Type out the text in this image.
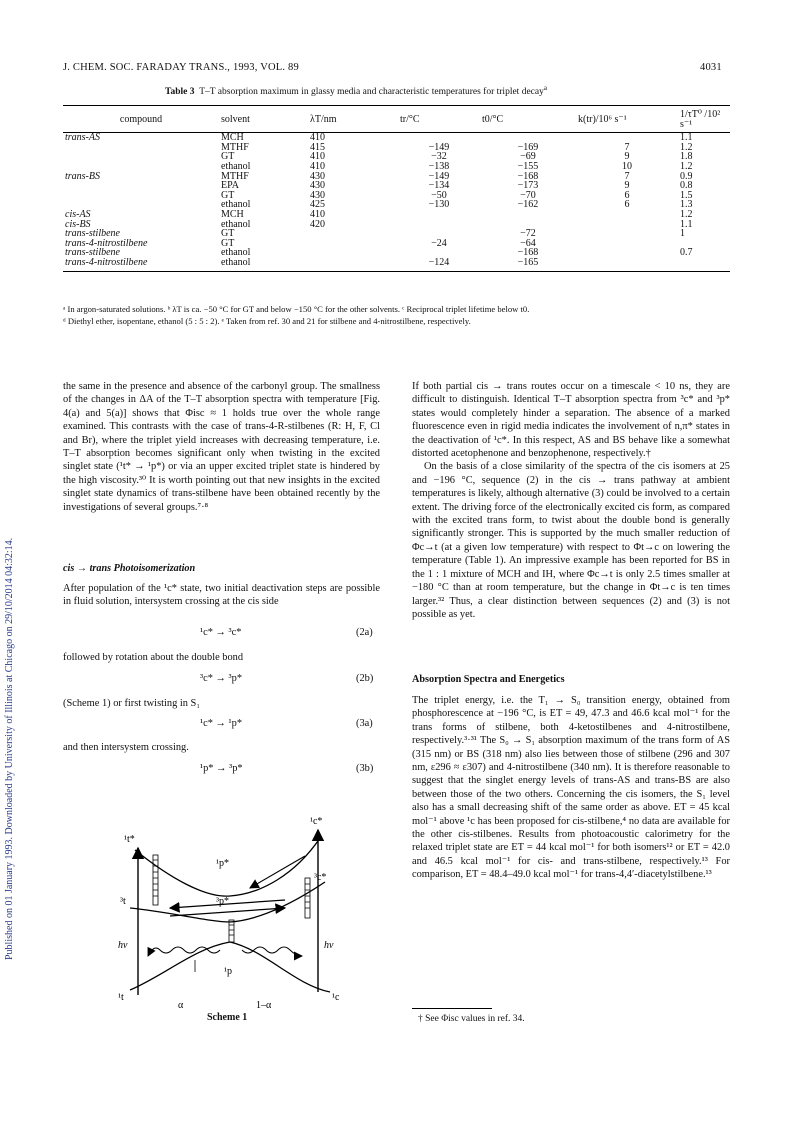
J. CHEM. SOC. FARADAY TRANS., 1993, VOL. 89	4031
Published on 01 January 1993. Downloaded by University of Illinois at Chicago on 29/10/2014 04:32:14.
Table 3 T–T absorption maximum in glassy media and characteristic temperatures for triplet decay$^a$
compound	solvent	λT/nm	tr/°C	t0/°C	k(tr)/10⁶ s⁻¹	1/τT⁰ /10² s⁻¹
trans-AS	MCH	410				1.1
	MTHF	415	−149	−169	7	1.2
	GT	410	−32	−69	9	1.8
	ethanol	410	−138	−155	10	1.2
trans-BS	MTHF	430	−149	−168	7	0.9
	EPA	430	−134	−173	9	0.8
	GT	430	−50	−70	6	1.5
	ethanol	425	−130	−162	6	1.3
cis-AS	MCH	410				1.2
cis-BS	ethanol	420				1.1
trans-stilbene	GT			−72		1
trans-4-nitrostilbene	GT		−24	−64		
trans-stilbene	ethanol			−168		0.7
trans-4-nitrostilbene	ethanol		−124	−165		
ᵃ In argon-saturated solutions. ᵇ λT is ca. −50 °C for GT and below −150 °C for the other solvents. ᶜ Reciprocal triplet lifetime below t0.
ᵈ Diethyl ether, isopentane, ethanol (5 : 5 : 2). ᵉ Taken from ref. 30 and 21 for stilbene and 4-nitrostilbene, respectively.

the same in the presence and absence of the carbonyl group. The smallness of the changes in ΔA of the T–T absorption spectra with temperature [Fig. 4(a) and 5(a)] shows that Φisc ≈ 1 holds true over the whole range examined. This contrasts with the case of trans-4-R-stilbenes (R: H, F, Cl and Br), where the triplet yield increases with decreasing temperature, i.e. T–T absorption becomes significant only when twisting in the excited singlet state (¹t* → ¹p*) or via an upper excited triplet state is hindered by the high viscosity.³⁰ It is worth pointing out that new insights in the excited singlet state dynamics of trans-stilbene have been obtained recently by the investigations of several groups.⁷·⁸

cis → trans Photoisomerization

After population of the ¹c* state, two initial deactivation steps are possible in fluid solution, intersystem crossing at the cis side

¹c* → ³c*	(2a)

followed by rotation about the double bond

³c* → ³p*	(2b)

(Scheme 1) or first twisting in S₁

¹c* → ¹p*	(3a)

and then intersystem crossing.

¹p* → ³p*	(3b)
¹t*
¹c*
¹p*
³t	³p*
³c*
hν	hν
¹p
¹t	¹c
α	1–α
Scheme 1

If both partial cis → trans routes occur on a timescale < 10 ns, they are difficult to distinguish. Identical T–T absorption spectra from ³c* and ³p* states would completely hinder a separation. The absence of a marked fluorescence even in rigid media indicates the involvement of n,π* states in the deactivation of ¹c*. In this respect, AS and BS behave like a somewhat distorted acetophenone and benzophenone, respectively.†

On the basis of a close similarity of the spectra of the cis isomers at 25 and −196 °C, sequence (2) in the cis → trans pathway at ambient temperatures is likely, although alternative (3) could be involved to a certain extent. The driving force of the electronically excited cis form, as compared with the excited trans form, to twist about the double bond is generally significantly stronger. This is supported by the much smaller reduction of Φc→t (at a given low temperature) with respect to Φt→c on lowering the temperature (Table 1). An impressive example has been reported for BS in the 1 : 1 mixture of MCH and IH, where Φc→t is only 2.5 times smaller at −180 °C than at room temperature, but the change in Φt→c is ten times larger.³² Thus, a clear distinction between sequences (2) and (3) is not possible as yet.

Absorption Spectra and Energetics

The triplet energy, i.e. the T₁ → S₀ transition energy, obtained from phosphorescence at −196 °C, is ET = 49, 47.3 and 46.6 kcal mol⁻¹ for the trans forms of stilbene, both 4-ketostilbenes and 4-nitrostilbene, respectively.³·³¹ The S₀ → S₁ absorption maximum of the trans form of AS (315 nm) or BS (318 nm) also lies between those of stilbene (296 and 307 nm, ε296 ≈ ε307) and 4-nitrostilbene (340 nm). It is therefore reasonable to suggest that the singlet energy levels of trans-AS and trans-BS are also between those of the two others. Concerning the cis isomers, the S₁ level also has a small decreasing shift of the same order as above. ET = 45 kcal mol⁻¹ above ¹c has been proposed for cis-stilbene,⁴ no data are available for the other cis-stilbenes. Results from photoacoustic calorimetry for the relaxed triplet state are ET = 44 kcal mol⁻¹ for both isomers¹² or ET = 42.0 and 46.5 kcal mol⁻¹ for cis- and trans-stilbene, respectively.¹³ For comparison, ET = 48.4–49.0 kcal mol⁻¹ for trans-4,4′-diacetylstilbene.¹³

† See Φisc values in ref. 34.
